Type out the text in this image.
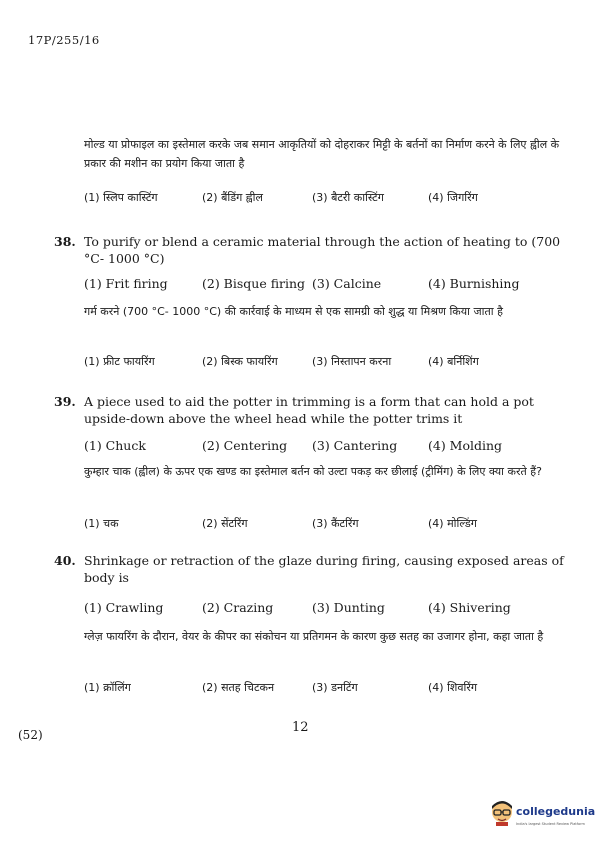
17P/255/16
मोल्ड या प्रोफाइल का इस्तेमाल करके जब समान आकृतियों को दोहराकर मिट्टी के बर्तनों का निर्माण करने के लिए ह्वील के प्रकार की मशीन का प्रयोग किया जाता है
(1) स्लिप कास्टिंग	(2) बैंडिंग ह्वील	(3) बैटरी कास्टिंग	(4) जिगरिंग
38. To purify or blend a ceramic material through the action of heating to (700 °C- 1000 °C)
(1) Frit firing	(2) Bisque firing (3) Calcine	(4) Burnishing
गर्म करने (700 °C- 1000 °C) की कार्रवाई के माध्यम से एक सामग्री को शुद्ध या मिश्रण किया जाता है
(1) फ्रीट फायरिंग	(2) बिस्क फायरिंग	(3) निस्तापन करना	(4) बर्निशिंग
39. A piece used to aid the potter in trimming is a form that can hold a pot upside-down above the wheel head while the potter trims it
(1) Chuck	(2) Centering (3) Cantering (4) Molding
कुम्हार चाक (ह्वील) के ऊपर एक खण्ड का इस्तेमाल बर्तन को उल्टा पकड़ कर छीलाई (ट्रीमिंग) के लिए क्या करते हैं?
(1) चक	(2) सेंटरिंग	(3) कैंटरिंग	(4) मोल्डिंग
40. Shrinkage or retraction of the glaze during firing, causing exposed areas of body is
(1) Crawling	(2) Crazing	(3) Dunting	(4) Shivering
ग्लेज़ फायरिंग के दौरान, वेयर के कीपर का संकोचन या प्रतिगमन के कारण कुछ सतह का उजागर होना, कहा जाता है
(1) क्रॉलिंग	(2) सतह चिटकन	(3) डनटिंग	(4) शिवरिंग
12
(52)
collegedunia
India's largest Student Review Platform
